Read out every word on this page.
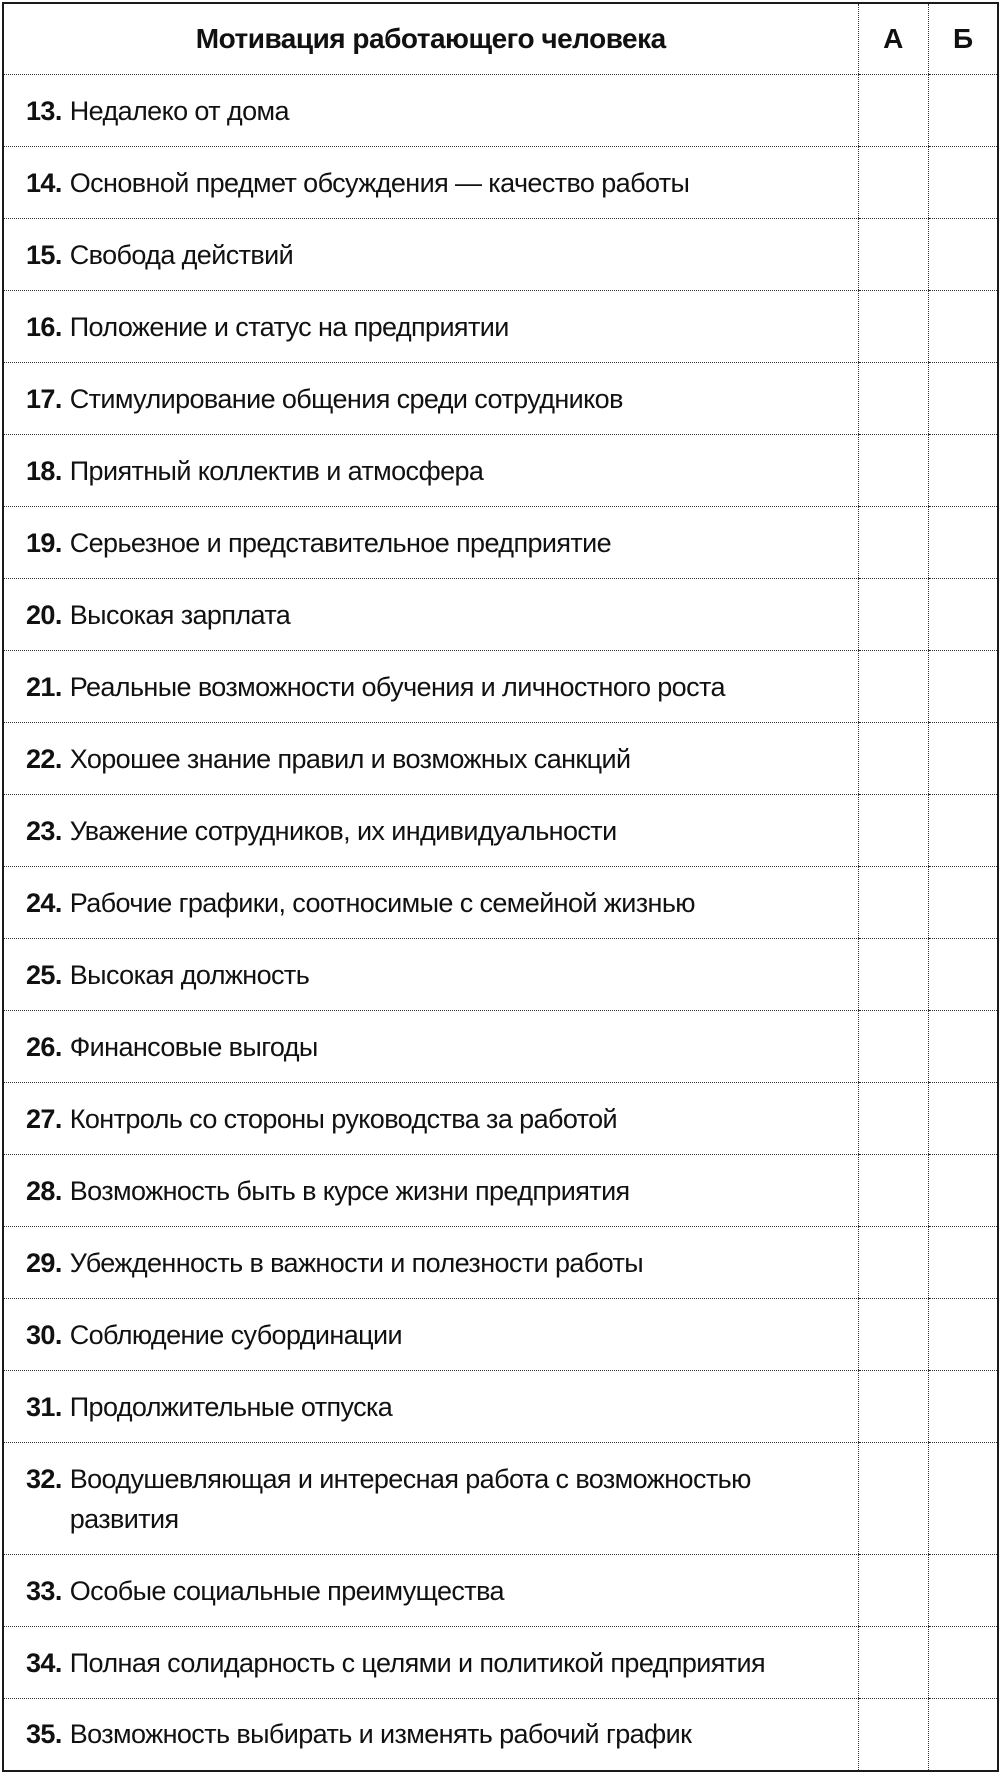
Мотивация работающего человека	А	Б

13. Недалеко от дома		

14. Основной предмет обсуждения — качество работы		

15. Свобода действий		

16. Положение и статус на предприятии		

17. Стимулирование общения среди сотрудников		

18. Приятный коллектив и атмосфера		

19. Серьезное и представительное предприятие		

20. Высокая зарплата		

21. Реальные возможности обучения и личностного роста		

22. Хорошее знание правил и возможных санкций		

23. Уважение сотрудников, их индивидуальности		

24. Рабочие графики, соотносимые с семейной жизнью		

25. Высокая должность		

26. Финансовые выгоды		

27. Контроль со стороны руководства за работой		

28. Возможность быть в курсе жизни предприятия		

29. Убежденность в важности и полезности работы		

30. Соблюдение субординации		

31. Продолжительные отпуска		

32. Воодушевляющая и интересная работа с возможностью развития		

33. Особые социальные преимущества		

34. Полная солидарность с целями и политикой предприятия		

35. Возможность выбирать и изменять рабочий график		
